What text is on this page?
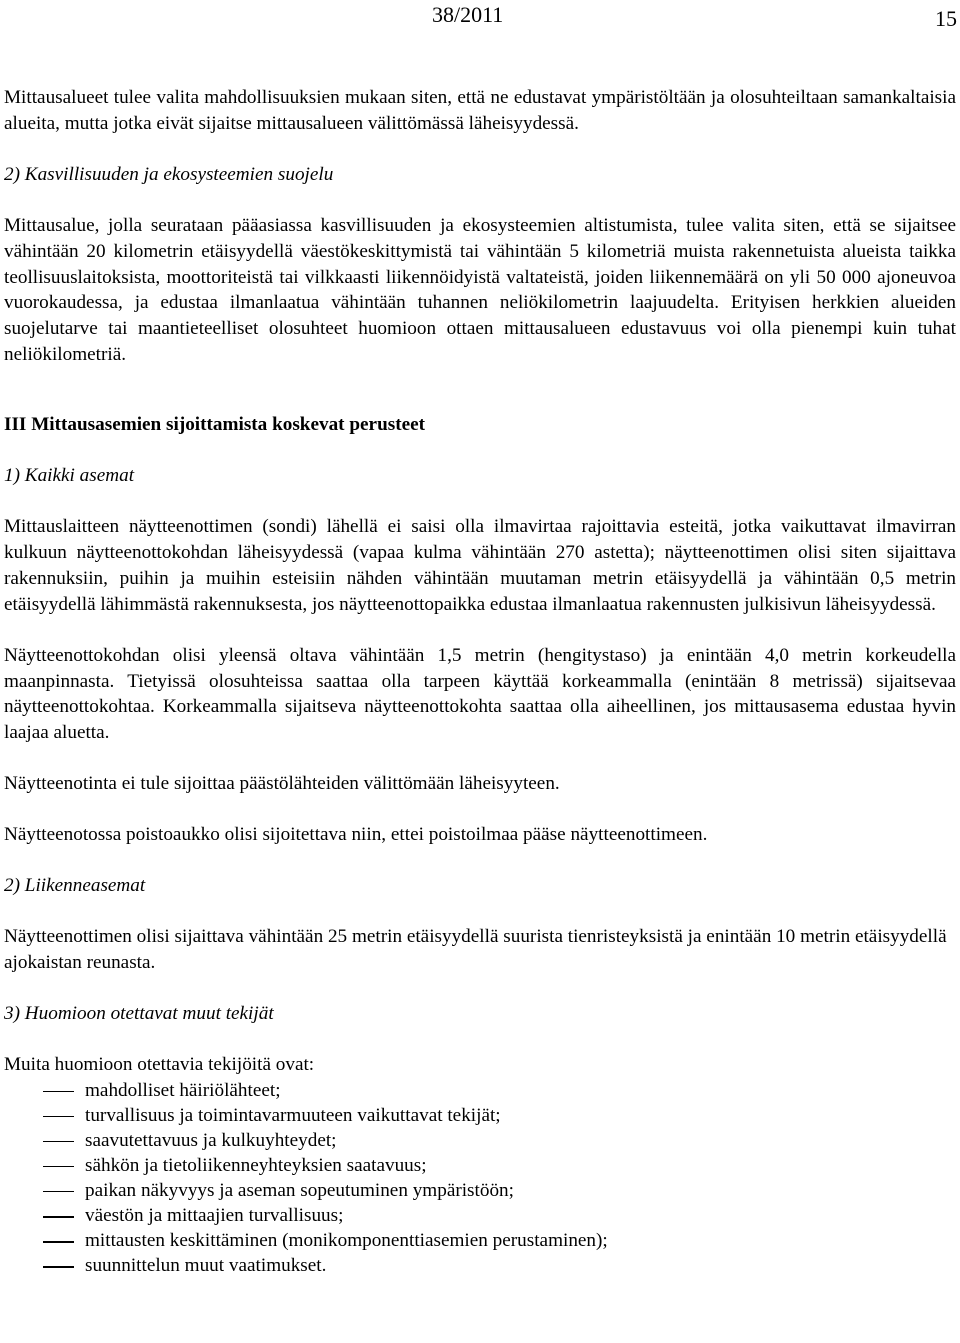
38/2011	15

Mittausalueet tulee valita mahdollisuuksien mukaan siten, että ne edustavat ympäristöltään ja olosuhteiltaan samankaltaisia alueita, mutta jotka eivät sijaitse mittausalueen välittömässä läheisyydessä.

2) Kasvillisuuden ja ekosysteemien suojelu

Mittausalue, jolla seurataan pääasiassa kasvillisuuden ja ekosysteemien altistumista, tulee valita siten, että se sijaitsee vähintään 20 kilometrin etäisyydellä väestökeskittymistä tai vähintään 5 kilometriä muista rakennetuista alueista taikka teollisuuslaitoksista, moottoriteistä tai vilkkaasti liikennöidyistä valtateistä, joiden liikennemäärä on yli 50 000 ajoneuvoa vuorokaudessa, ja edustaa ilmanlaatua vähintään tuhannen neliökilometrin laajuudelta. Erityisen herkkien alueiden suojelutarve tai maantieteelliset olosuhteet huomioon ottaen mittausalueen edustavuus voi olla pienempi kuin tuhat neliökilometriä.

III Mittausasemien sijoittamista koskevat perusteet

1) Kaikki asemat

Mittauslaitteen näytteenottimen (sondi) lähellä ei saisi olla ilmavirtaa rajoittavia esteitä, jotka vaikuttavat ilmavirran kulkuun näytteenottokohdan läheisyydessä (vapaa kulma vähintään 270 astetta); näytteenottimen olisi siten sijaittava rakennuksiin, puihin ja muihin esteisiin nähden vähintään muutaman metrin etäisyydellä ja vähintään 0,5 metrin etäisyydellä lähimmästä rakennuksesta, jos näytteenottopaikka edustaa ilmanlaatua rakennusten julkisivun läheisyydessä.

Näytteenottokohdan olisi yleensä oltava vähintään 1,5 metrin (hengitystaso) ja enintään 4,0 metrin korkeudella maanpinnasta. Tietyissä olosuhteissa saattaa olla tarpeen käyttää korkeammalla (enintään 8 metrissä) sijaitsevaa näytteenottokohtaa. Korkeammalla sijaitseva näytteenottokohta saattaa olla aiheellinen, jos mittausasema edustaa hyvin laajaa aluetta.

Näytteenotinta ei tule sijoittaa päästölähteiden välittömään läheisyyteen.

Näytteenotossa poistoaukko olisi sijoitettava niin, ettei poistoilmaa pääse näytteenottimeen.

2) Liikenneasemat

Näytteenottimen olisi sijaittava vähintään 25 metrin etäisyydellä suurista tienristeyksistä ja enintään 10 metrin etäisyydellä ajokaistan reunasta.

3) Huomioon otettavat muut tekijät

Muita huomioon otettavia tekijöitä ovat:

mahdolliset häiriölähteet;
turvallisuus ja toimintavarmuuteen vaikuttavat tekijät;
saavutettavuus ja kulkuyhteydet;
sähkön ja tietoliikenneyhteyksien saatavuus;
paikan näkyvyys ja aseman sopeutuminen ympäristöön;
väestön ja mittaajien turvallisuus;
mittausten keskittäminen (monikomponenttiasemien perustaminen);
suunnittelun muut vaatimukset.
